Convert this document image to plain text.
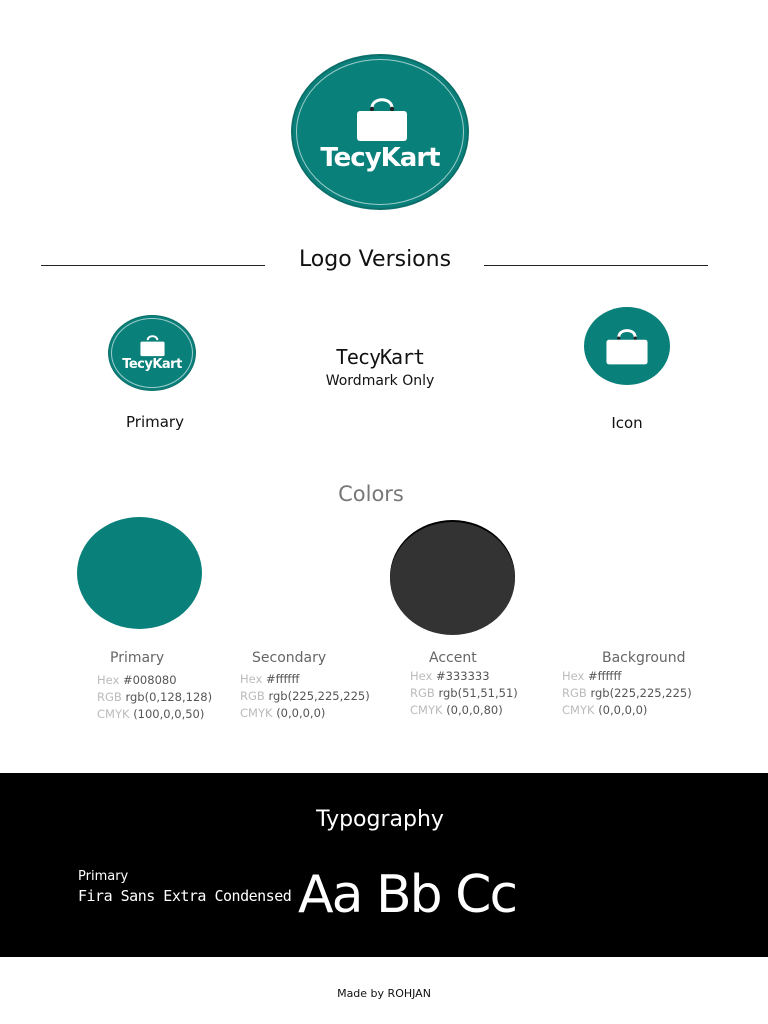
TecyKart
Logo Versions
TecyKart
Primary
TecyKart
Wordmark Only
Icon
Colors
Primary
Hex #008080
RGB rgb(0,128,128)
CMYK (100,0,0,50)
Secondary
Hex #ffffff
RGB rgb(225,225,225)
CMYK (0,0,0,0)
Accent
Hex #333333
RGB rgb(51,51,51)
CMYK (0,0,0,80)
Background
Hex #ffffff
RGB rgb(225,225,225)
CMYK (0,0,0,0)
Typography
Primary
Fira Sans Extra Condensed Aa Bb Cc
Made by ROHJAN
